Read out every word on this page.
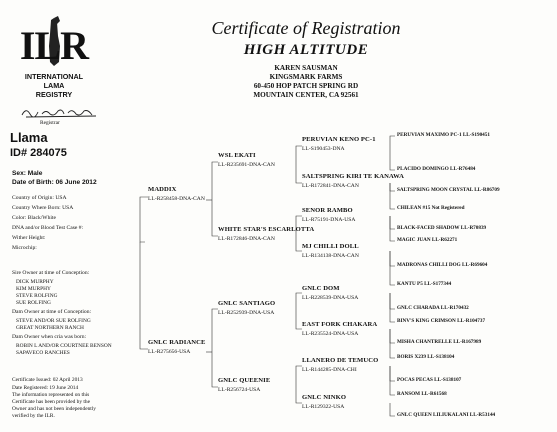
ILR
INTERNATIONAL
LAMA
REGISTRY
Registrar
Certificate of Registration
HIGH ALTITUDE
KAREN SAUSMAN
KINGSMARK FARMS
60-450 HOP PATCH SPRING RD
MOUNTAIN CENTER, CA 92561
Llama
ID# 284075
Sex: Male
Date of Birth: 06 June 2012
Country of Origin: USA
Country Where Born: USA
Color: Black/White
DNA and/or Blood Test Case #:
Wither Height:
Microchip:
Sire Owner at time of Conception:
DICK MURPHY
KIM MURPHY
STEVE ROLFING
SUE ROLFING
Dam Owner at time of Conception:
STEVE AND/OR SUE ROLFING
GREAT NORTHERN RANCH
Dam Owner when cria was born:
ROBIN L AND/OR COURTNEE BENSON
SAPAVECO RANCHES
Certificate Issued: 02 April 2013
Date Registered: 19 June 2014
The information represented on this
Certificate has been provided by the
Owner and has not been independently
verified by the ILR.
MADDIX
LL-R258458-DNA-CAN
GNLC RADIANCE
LL-R275656-USA
WSL EKATI
LL-R235691-DNA-CAN
WHITE STAR'S ESCARLOTTA
LL-R172846-DNA-CAN
GNLC SANTIAGO
LL-R252939-DNA-USA
GNLC QUEENIE
LL-R256724-USA
PERUVIAN KENO PC-1
LL-S190453-DNA
SALTSPRING KIRI TE KANAWA
LL-R172841-DNA-CAN
SENOR RAMBO
LL-R75191-DNA-USA
MJ CHILLI DOLL
LL-R134138-DNA-CAN
GNLC DOM
LL-R228539-DNA-USA
EAST FORK CHAKARA
LL-R235524-DNA-USA
LLANERO DE TEMUCO
LL-R144285-DNA-CHI
GNLC NINKO
LL-R129322-USA
PERUVIAN MAXIMO PC-1 LL-S190451
PLACIDO DOMINGO LL-R76484
SALTSPRING MOON CRYSTAL LL-R86709
CHILEAN #15 Not Registered
BLACK-FACED SHADOW LL-R70839
MAGIC JUAN LL-R62271
MADRONAS CHILLI DOG LL-R69604
KANTU P5 LL-S177344
GNLC CHARADA LL-R170432
BINV'S KING CRIMSON LL-R104737
MISHA CHANTRELLE LL-R167989
BORIS X239 LL-S138104
POCAS PECAS LL-S138107
RANSOM LL-R61568
GNLC QUEEN LILIUKALANI LL-R53144
